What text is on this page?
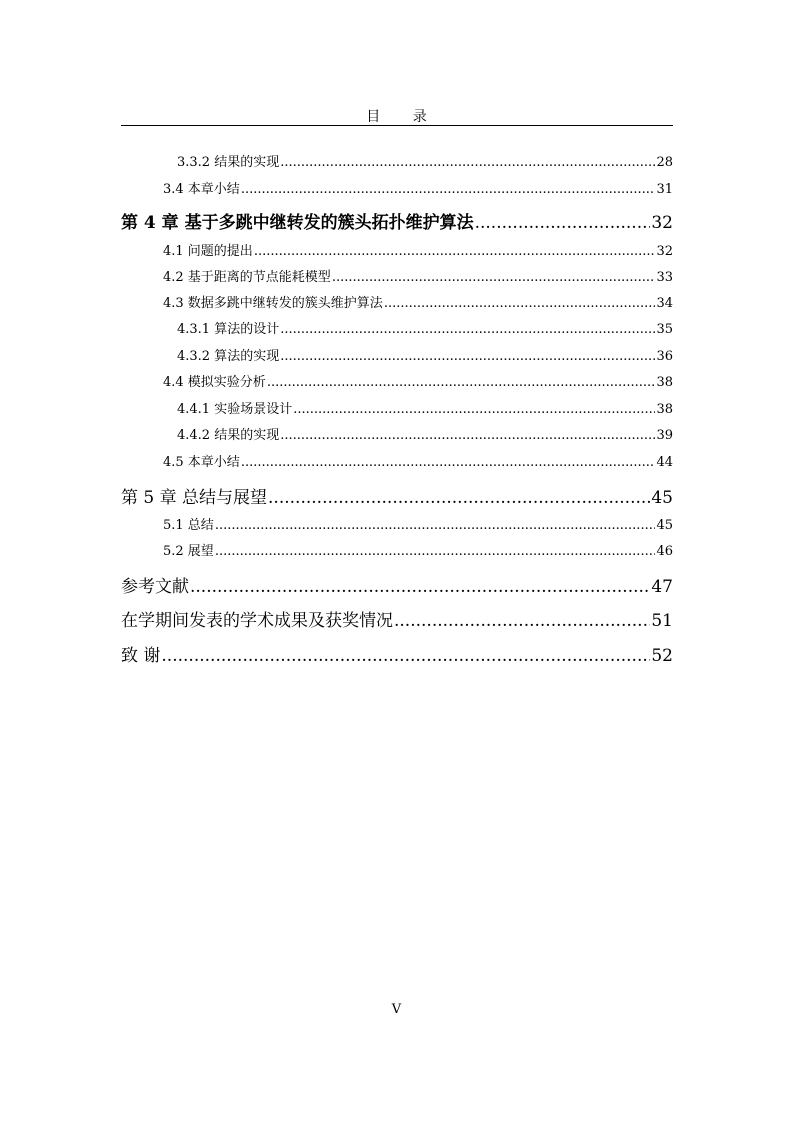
目 录
3.3.2 结果的实现 .....	28
3.4 本章小结 .....	31
第 4 章 基于多跳中继转发的簇头拓扑维护算法 .....	32
4.1 问题的提出 .....	32
4.2 基于距离的节点能耗模型 .....	33
4.3 数据多跳中继转发的簇头维护算法 .....	34
4.3.1 算法的设计 .....	35
4.3.2 算法的实现 .....	36
4.4 模拟实验分析 .....	38
4.4.1 实验场景设计 .....	38
4.4.2 结果的实现 .....	39
4.5 本章小结 .....	44
第 5 章 总结与展望 .....	45
5.1 总结 .....	45
5.2 展望 .....	46
参考文献 .....	47
在学期间发表的学术成果及获奖情况 .....	51
致 谢 .....	52
V
